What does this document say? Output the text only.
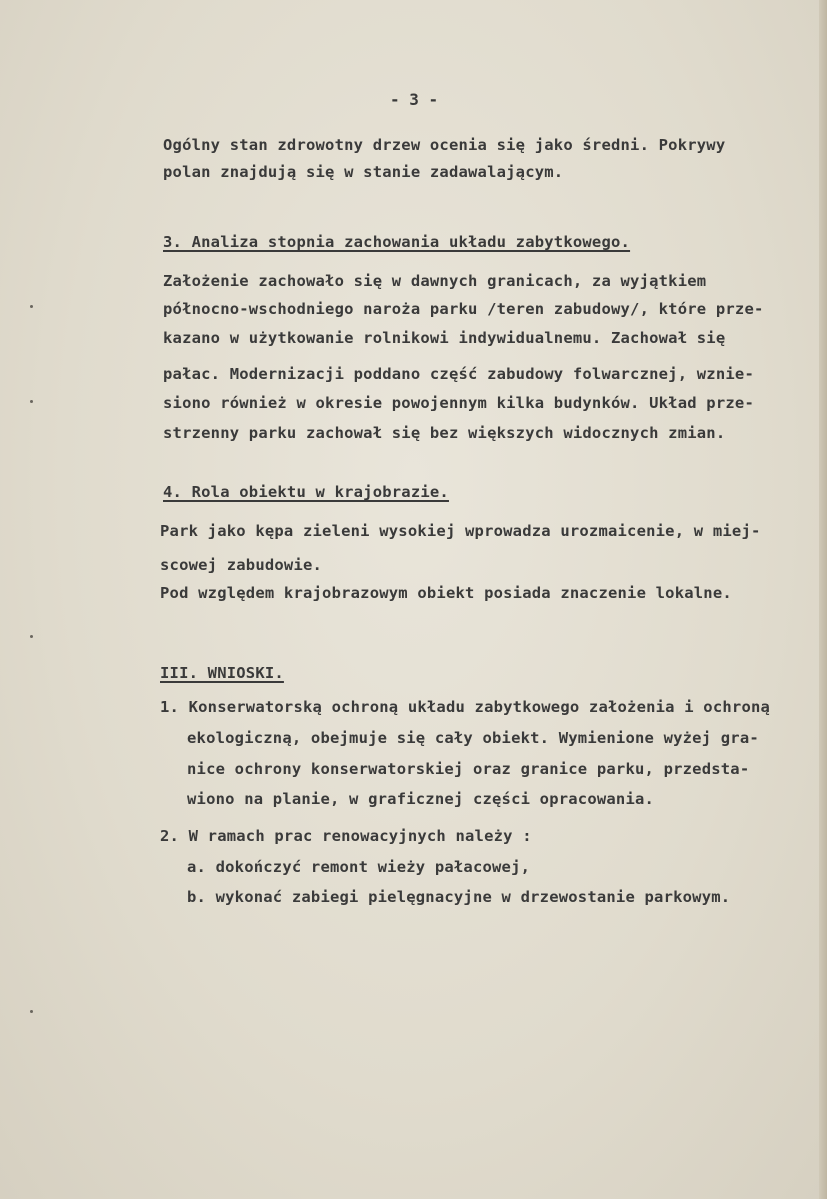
- 3 -
Ogólny stan zdrowotny drzew ocenia się jako średni. Pokrywy
polan znajdują się w stanie zadawalającym.
3. Analiza stopnia zachowania układu zabytkowego.
Założenie zachowało się w dawnych granicach, za wyjątkiem
północno-wschodniego naroża parku /teren zabudowy/, które prze-
kazano w użytkowanie rolnikowi indywidualnemu. Zachował się
pałac. Modernizacji poddano część zabudowy folwarcznej, wznie-
siono również w okresie powojennym kilka budynków. Układ prze-
strzenny parku zachował się bez większych widocznych zmian.
4. Rola obiektu w krajobrazie.
Park jako kępa zieleni wysokiej wprowadza urozmaicenie, w miej-
scowej zabudowie.
Pod względem krajobrazowym obiekt posiada znaczenie lokalne.
III. WNIOSKI.
1. Konserwatorską ochroną układu zabytkowego założenia i ochroną
ekologiczną, obejmuje się cały obiekt. Wymienione wyżej gra-
nice ochrony konserwatorskiej oraz granice parku, przedsta-
wiono na planie, w graficznej części opracowania.
2. W ramach prac renowacyjnych należy :
a. dokończyć remont wieży pałacowej,
b. wykonać zabiegi pielęgnacyjne w drzewostanie parkowym.
